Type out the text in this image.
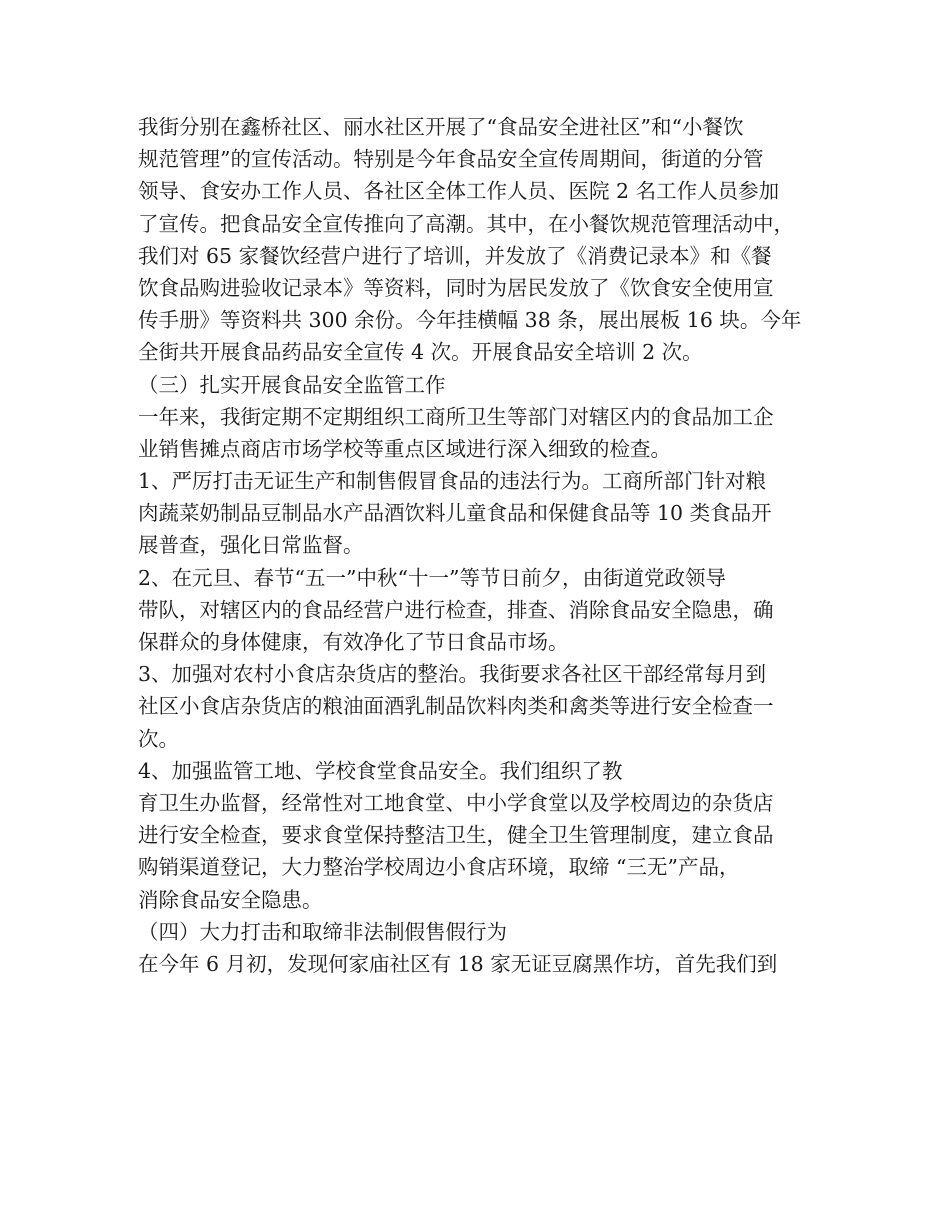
我街分别在鑫桥社区、丽水社区开展了“食品安全进社区”和“小餐饮
规范管理”的宣传活动。特别是今年食品安全宣传周期间，街道的分管
领导、食安办工作人员、各社区全体工作人员、医院 2 名工作人员参加
了宣传。把食品安全宣传推向了高潮。其中，在小餐饮规范管理活动中，
我们对 65 家餐饮经营户进行了培训，并发放了《消费记录本》和《餐
饮食品购进验收记录本》等资料，同时为居民发放了《饮食安全使用宣
传手册》等资料共 300 余份。今年挂横幅 38 条，展出展板 16 块。今年
全街共开展食品药品安全宣传 4 次。开展食品安全培训 2 次。
（三）扎实开展食品安全监管工作
一年来，我街定期不定期组织工商所卫生等部门对辖区内的食品加工企
业销售摊点商店市场学校等重点区域进行深入细致的检查。
1、严厉打击无证生产和制售假冒食品的违法行为。工商所部门针对粮
肉蔬菜奶制品豆制品水产品酒饮料儿童食品和保健食品等 10 类食品开
展普查，强化日常监督。
2、在元旦、春节“五一”中秋“十一”等节日前夕，由街道党政领导
带队，对辖区内的食品经营户进行检查，排查、消除食品安全隐患，确
保群众的身体健康，有效净化了节日食品市场。
3、加强对农村小食店杂货店的整治。我街要求各社区干部经常每月到
社区小食店杂货店的粮油面酒乳制品饮料肉类和禽类等进行安全检查一
次。
4、加强监管工地、学校食堂食品安全。我们组织了教
育卫生办监督，经常性对工地食堂、中小学食堂以及学校周边的杂货店
进行安全检查，要求食堂保持整洁卫生，健全卫生管理制度，建立食品
购销渠道登记，大力整治学校周边小食店环境，取缔 “三无”产品，
消除食品安全隐患。
（四）大力打击和取缔非法制假售假行为
在今年 6 月初，发现何家庙社区有 18 家无证豆腐黑作坊，首先我们到
